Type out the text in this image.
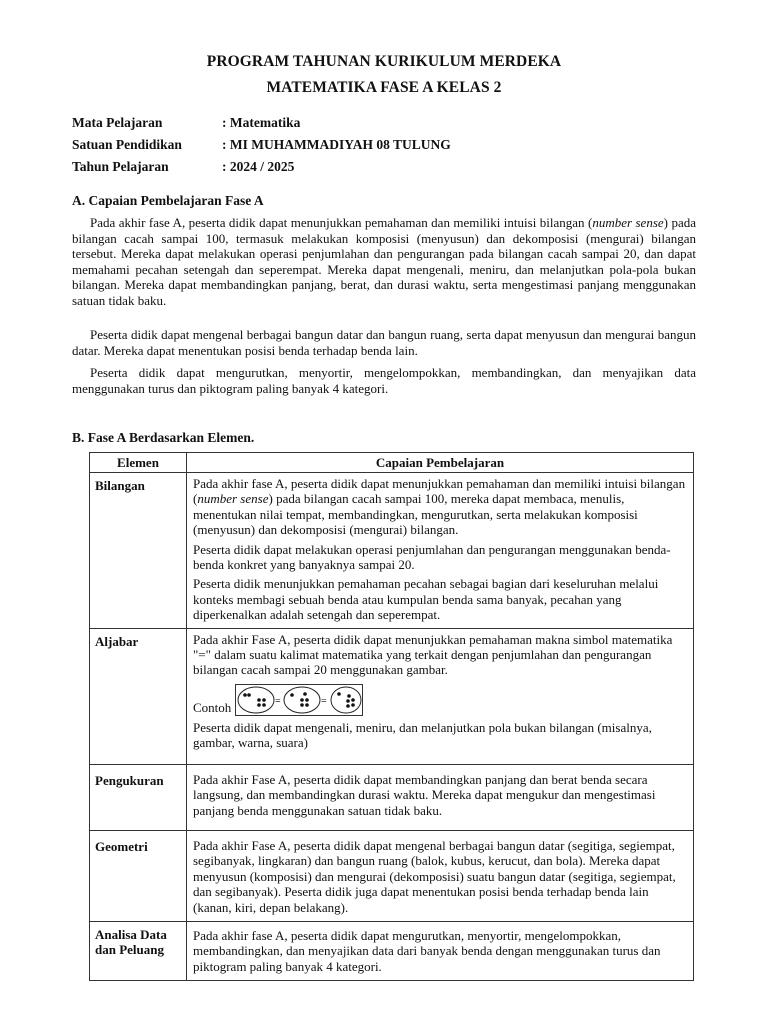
PROGRAM TAHUNAN KURIKULUM MERDEKA
MATEMATIKA FASE A KELAS 2
Mata Pelajaran	: Matematika
Satuan Pendidikan	: MI MUHAMMADIYAH 08 TULUNG
Tahun Pelajaran	: 2024 / 2025
A. Capaian Pembelajaran Fase A

Pada akhir fase A, peserta didik dapat menunjukkan pemahaman dan memiliki intuisi bilangan (number sense) pada bilangan cacah sampai 100, termasuk melakukan komposisi (menyusun) dan dekomposisi (mengurai) bilangan tersebut. Mereka dapat melakukan operasi penjumlahan dan pengurangan pada bilangan cacah sampai 20, dan dapat memahami pecahan setengah dan seperempat. Mereka dapat mengenali, meniru, dan melanjutkan pola-pola bukan bilangan. Mereka dapat membandingkan panjang, berat, dan durasi waktu, serta mengestimasi panjang menggunakan satuan tidak baku.

Peserta didik dapat mengenal berbagai bangun datar dan bangun ruang, serta dapat menyusun dan mengurai bangun datar. Mereka dapat menentukan posisi benda terhadap benda lain.

Peserta didik dapat mengurutkan, menyortir, mengelompokkan, membandingkan, dan menyajikan data menggunakan turus dan piktogram paling banyak 4 kategori.

B. Fase A Berdasarkan Elemen.
Elemen	Capaian Pembelajaran
Bilangan	Pada akhir fase A, peserta didik dapat menunjukkan pemahaman dan memiliki intuisi bilangan (number sense) pada bilangan cacah sampai 100, mereka dapat membaca, menulis, menentukan nilai tempat, membandingkan, mengurutkan, serta melakukan komposisi (menyusun) dan dekomposisi (mengurai) bilangan.

Peserta didik dapat melakukan operasi penjumlahan dan pengurangan menggunakan benda-benda konkret yang banyaknya sampai 20.

Peserta didik menunjukkan pemahaman pecahan sebagai bagian dari keseluruhan melalui konteks membagi sebuah benda atau kumpulan benda sama banyak, pecahan yang diperkenalkan adalah setengah dan seperempat.

Aljabar	Pada akhir Fase A, peserta didik dapat menunjukkan pemahaman makna simbol matematika "=" dalam suatu kalimat matematika yang terkait dengan penjumlahan dan pengurangan bilangan cacah sampai 20 menggunakan gambar.

Contoh = =

Peserta didik dapat mengenali, meniru, dan melanjutkan pola bukan bilangan (misalnya, gambar, warna, suara)

Pengukuran	Pada akhir Fase A, peserta didik dapat membandingkan panjang dan berat benda secara langsung, dan membandingkan durasi waktu. Mereka dapat mengukur dan mengestimasi panjang benda menggunakan satuan tidak baku.

Geometri	Pada akhir Fase A, peserta didik dapat mengenal berbagai bangun datar (segitiga, segiempat, segibanyak, lingkaran) dan bangun ruang (balok, kubus, kerucut, dan bola). Mereka dapat menyusun (komposisi) dan mengurai (dekomposisi) suatu bangun datar (segitiga, segiempat, dan segibanyak). Peserta didik juga dapat menentukan posisi benda terhadap benda lain (kanan, kiri, depan belakang).

Analisa Data dan Peluang	Pada akhir fase A, peserta didik dapat mengurutkan, menyortir, mengelompokkan, membandingkan, dan menyajikan data dari banyak benda dengan menggunakan turus dan piktogram paling banyak 4 kategori.
